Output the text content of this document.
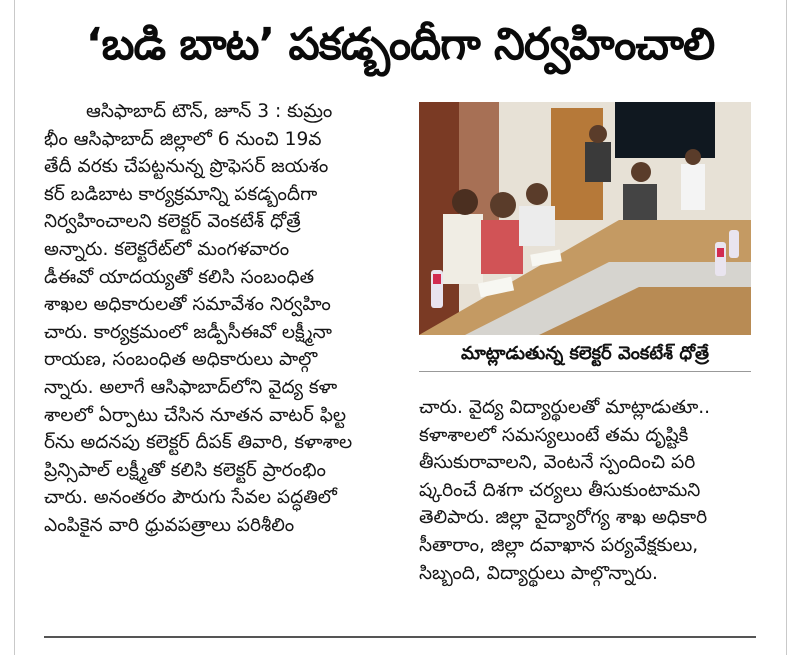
‘బడి బాట’ పకడ్బందీగా నిర్వహించాలి
ఆసిఫాబాద్ టౌన్, జూన్ 3 : కుమ్రం
భీం ఆసిఫాబాద్ జిల్లాలో 6 నుంచి 19వ
తేదీ వరకు చేపట్టనున్న ప్రొఫెసర్ జయశం
కర్ బడిబాట కార్యక్రమాన్ని పకడ్బందీగా
నిర్వహించాలని కలెక్టర్ వెంకటేశ్ ధోత్రే
అన్నారు. కలెక్టరేట్‌లో మంగళవారం
డీఈవో యాదయ్యతో కలిసి సంబంధిత
శాఖల అధికారులతో సమావేశం నిర్వహిం
చారు. కార్యక్రమంలో జడ్పీసీఈవో లక్ష్మీనా
రాయణ, సంబంధిత అధికారులు పాల్గొ
న్నారు. అలాగే ఆసిఫాబాద్‌లోని వైద్య కళా
శాలలో ఏర్పాటు చేసిన నూతన వాటర్ ఫిల్ట
ర్‌ను అదనపు కలెక్టర్ దీపక్ తివారి, కళాశాల
ప్రిన్సిపాల్ లక్ష్మీతో కలిసి కలెక్టర్ ప్రారంభిం
చారు. అనంతరం పౌరుగు సేవల పద్ధతిలో
ఎంపికైన వారి ధ్రువపత్రాలు పరిశీలిం
మాట్లాడుతున్న కలెక్టర్ వెంకటేశ్ ధోత్రే
చారు. వైద్య విద్యార్థులతో మాట్లాడుతూ..
కళాశాలలో సమస్యలుంటే తమ దృష్టికి
తీసుకురావాలని, వెంటనే స్పందించి పరి
ష్కరించే దిశగా చర్యలు తీసుకుంటామని
తెలిపారు. జిల్లా వైద్యారోగ్య శాఖ అధికారి
సీతారాం, జిల్లా దవాఖాన పర్యవేక్షకులు,
సిబ్బంది, విద్యార్థులు పాల్గొన్నారు.
